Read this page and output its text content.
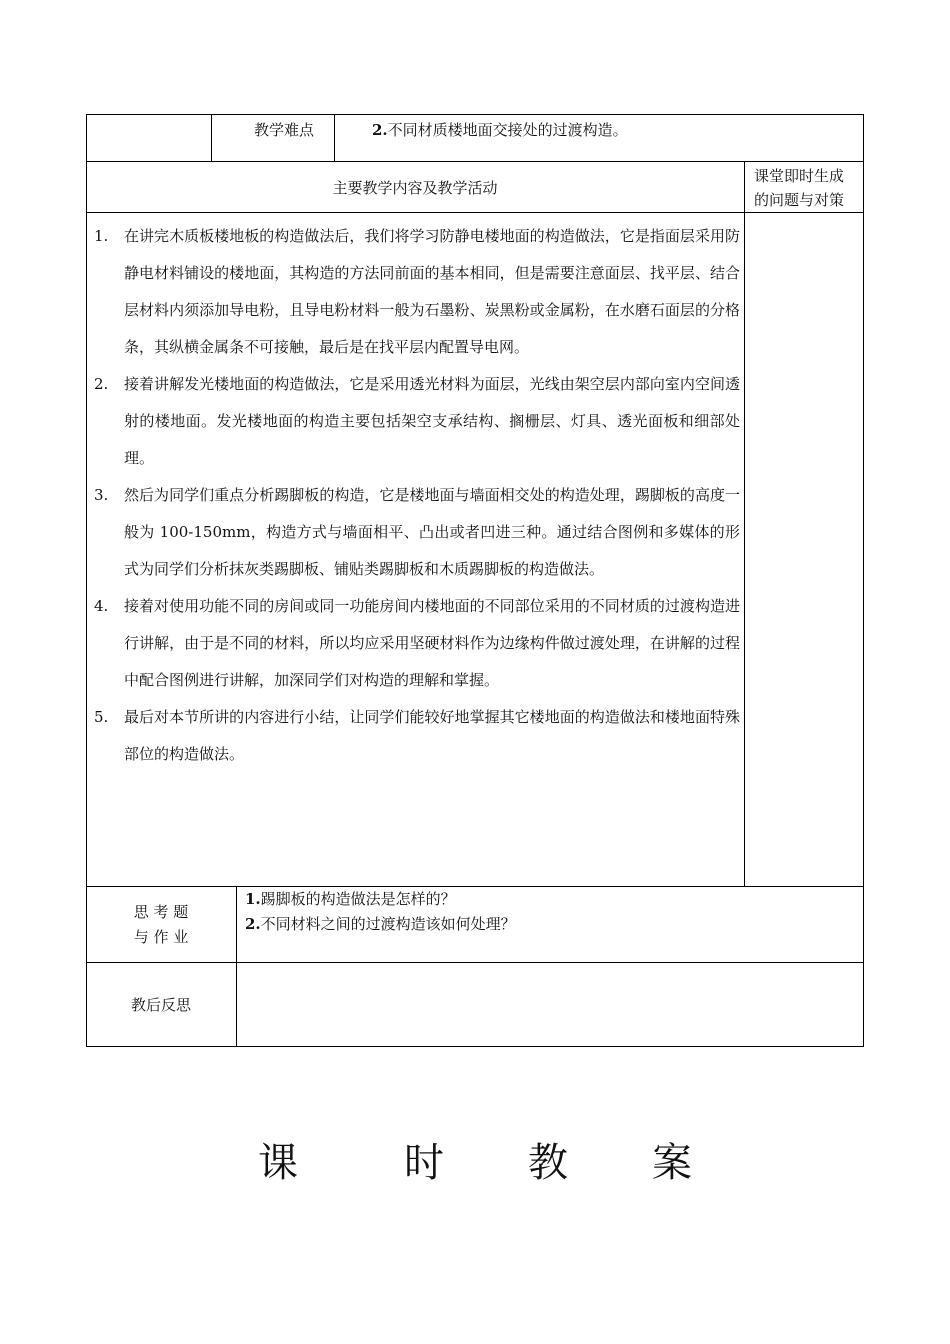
教学难点	2.不同材质楼地面交接处的过渡构造。
主要教学内容及教学活动
课堂即时生成
的问题与对策
1. 在讲完木质板楼地板的构造做法后，我们将学习防静电楼地面的构造做法，它是指面层采用防静电材料铺设的楼地面，其构造的方法同前面的基本相同，但是需要注意面层、找平层、结合层材料内须添加导电粉，且导电粉材料一般为石墨粉、炭黑粉或金属粉，在水磨石面层的分格条，其纵横金属条不可接触，最后是在找平层内配置导电网。
2. 接着讲解发光楼地面的构造做法，它是采用透光材料为面层，光线由架空层内部向室内空间透射的楼地面。发光楼地面的构造主要包括架空支承结构、搁栅层、灯具、透光面板和细部处理。
3. 然后为同学们重点分析踢脚板的构造，它是楼地面与墙面相交处的构造处理，踢脚板的高度一般为 100-150mm，构造方式与墙面相平、凸出或者凹进三种。通过结合图例和多媒体的形式为同学们分析抹灰类踢脚板、铺贴类踢脚板和木质踢脚板的构造做法。
4. 接着对使用功能不同的房间或同一功能房间内楼地面的不同部位采用的不同材质的过渡构造进行讲解，由于是不同的材料，所以均应采用坚硬材料作为边缘构件做过渡处理，在讲解的过程中配合图例进行讲解，加深同学们对构造的理解和掌握。
5. 最后对本节所讲的内容进行小结，让同学们能较好地掌握其它楼地面的构造做法和楼地面特殊部位的构造做法。
思 考 题
与 作 业
1.踢脚板的构造做法是怎样的？
2.不同材料之间的过渡构造该如何处理？
教后反思
课	时 教 案
